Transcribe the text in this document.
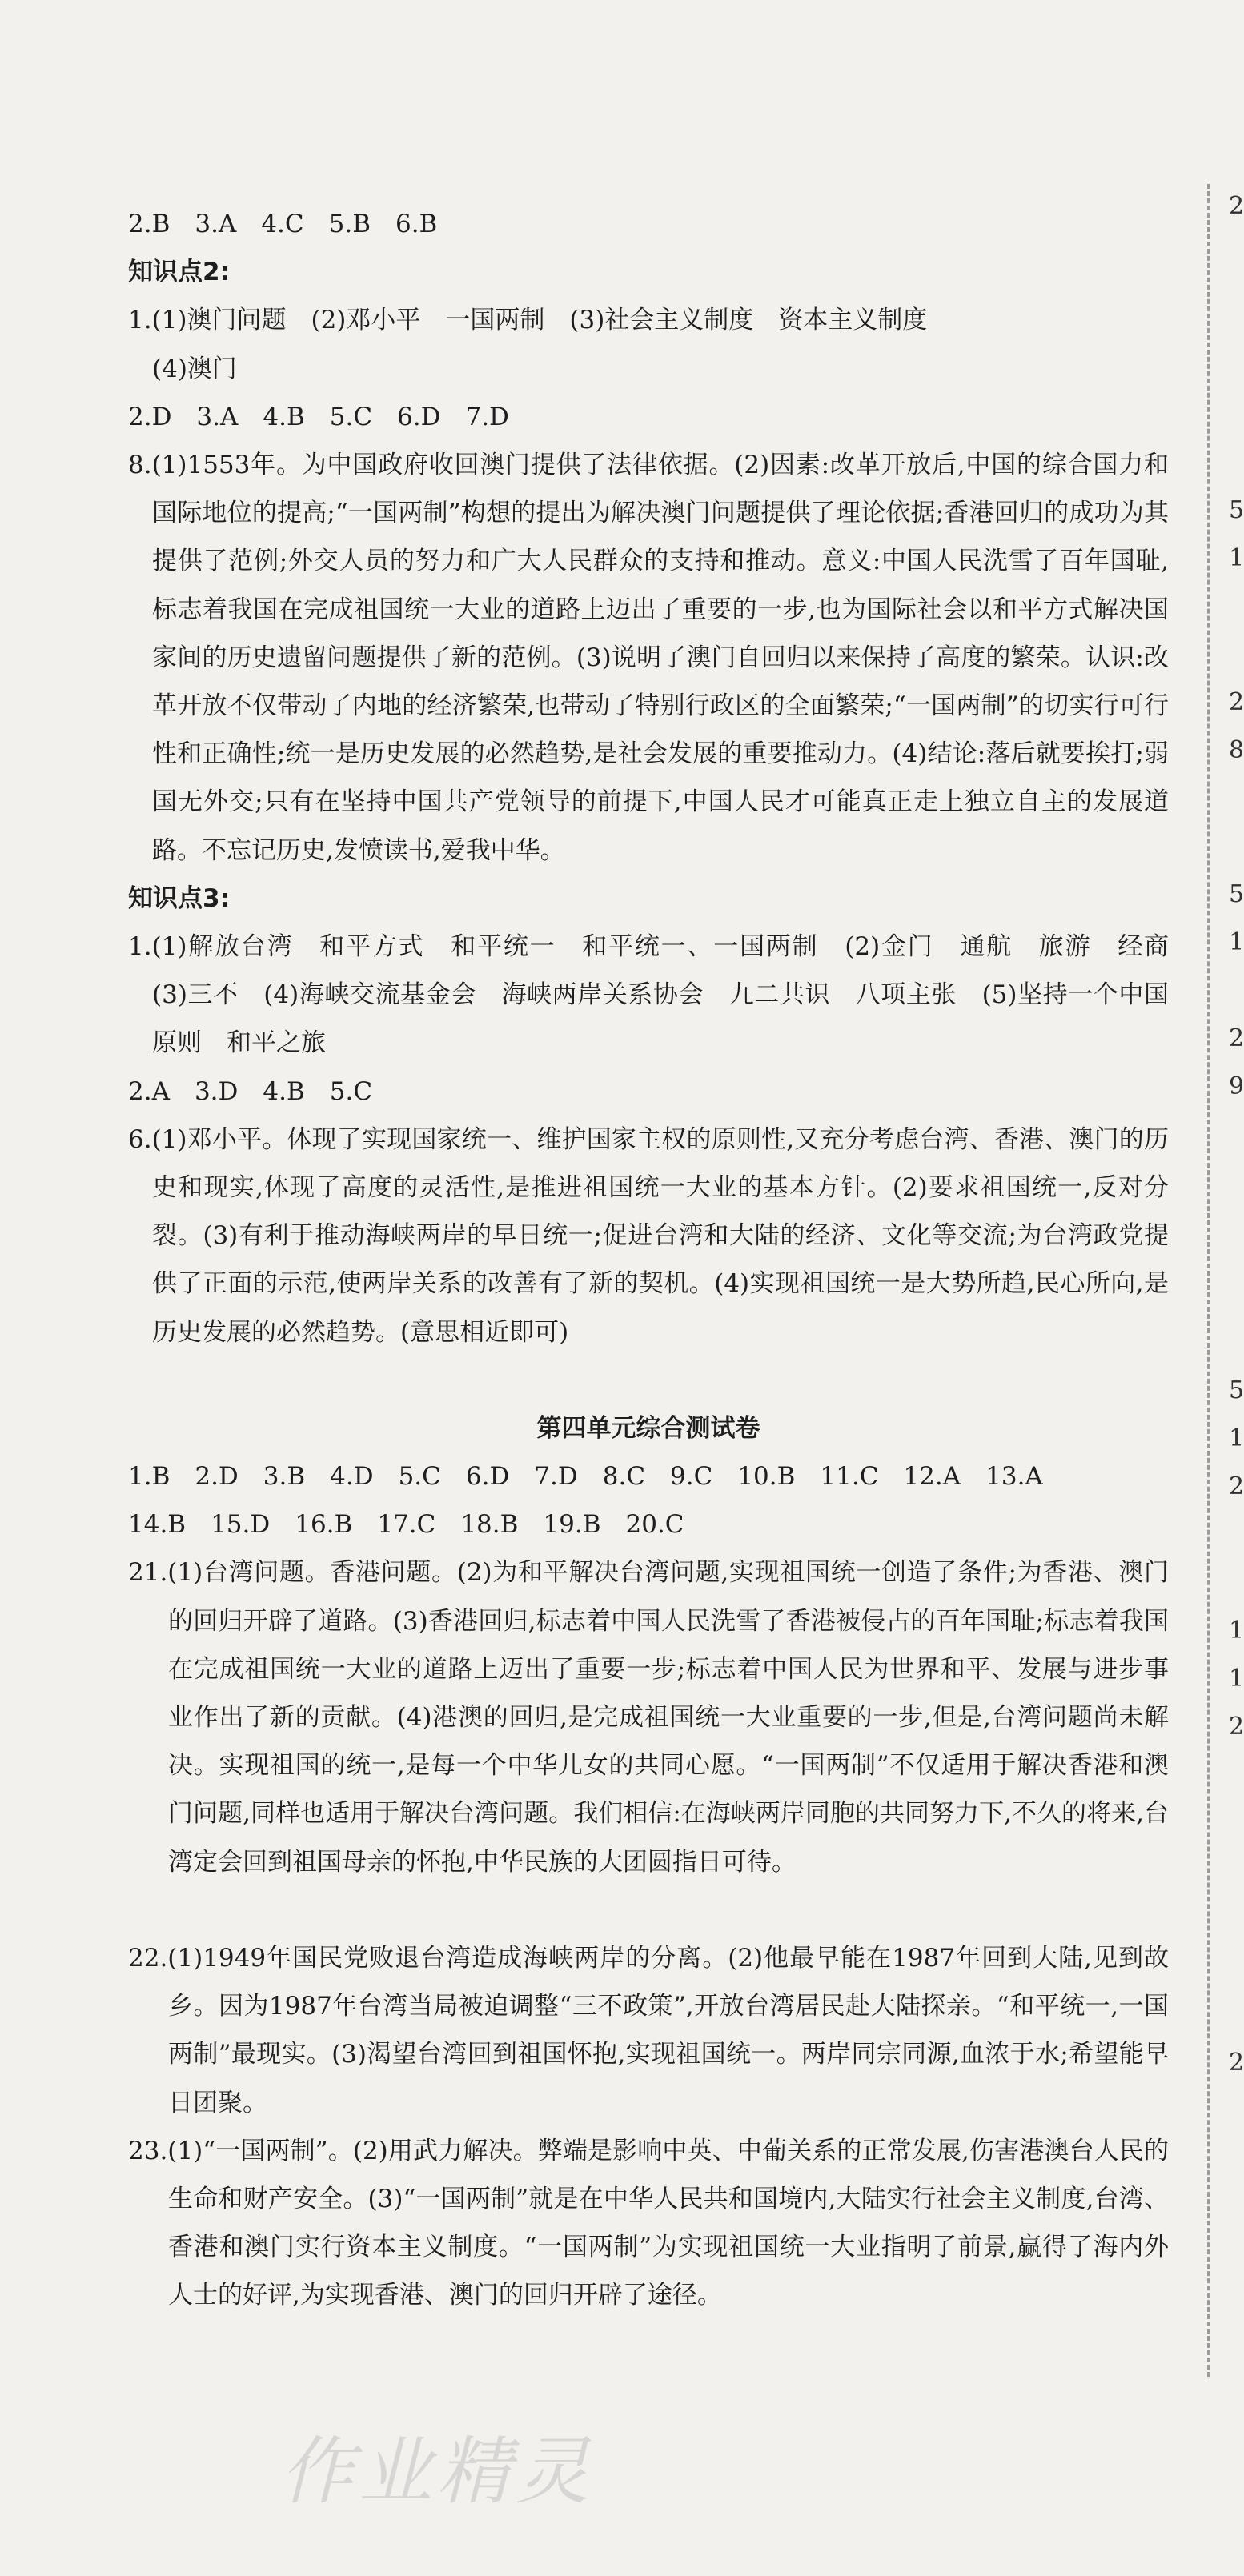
2.B　3.A　4.C　5.B　6.B
知识点2:
1.(1)澳门问题　(2)邓小平　一国两制　(3)社会主义制度　资本主义制度
(4)澳门
2.D　3.A　4.B　5.C　6.D　7.D
8.(1)1553年。为中国政府收回澳门提供了法律依据。(2)因素:改革开放后,中国的综合国力和国际地位的提高;“一国两制”构想的提出为解决澳门问题提供了理论依据;香港回归的成功为其提供了范例;外交人员的努力和广大人民群众的支持和推动。意义:中国人民洗雪了百年国耻,标志着我国在完成祖国统一大业的道路上迈出了重要的一步,也为国际社会以和平方式解决国家间的历史遗留问题提供了新的范例。(3)说明了澳门自回归以来保持了高度的繁荣。认识:改革开放不仅带动了内地的经济繁荣,也带动了特别行政区的全面繁荣;“一国两制”的切实行可行性和正确性;统一是历史发展的必然趋势,是社会发展的重要推动力。(4)结论:落后就要挨打;弱国无外交;只有在坚持中国共产党领导的前提下,中国人民才可能真正走上独立自主的发展道路。不忘记历史,发愤读书,爱我中华。
知识点3:
1.(1)解放台湾　和平方式　和平统一　和平统一、一国两制　(2)金门　通航　旅游　经商　(3)三不　(4)海峡交流基金会　海峡两岸关系协会　九二共识　八项主张　(5)坚持一个中国原则　和平之旅
2.A　3.D　4.B　5.C
6.(1)邓小平。体现了实现国家统一、维护国家主权的原则性,又充分考虑台湾、香港、澳门的历史和现实,体现了高度的灵活性,是推进祖国统一大业的基本方针。(2)要求祖国统一,反对分裂。(3)有利于推动海峡两岸的早日统一;促进台湾和大陆的经济、文化等交流;为台湾政党提供了正面的示范,使两岸关系的改善有了新的契机。(4)实现祖国统一是大势所趋,民心所向,是历史发展的必然趋势。(意思相近即可)
第四单元综合测试卷
1.B　2.D　3.B　4.D　5.C　6.D　7.D　8.C　9.C　10.B　11.C　12.A　13.A
14.B　15.D　16.B　17.C　18.B　19.B　20.C
21.(1)台湾问题。香港问题。(2)为和平解决台湾问题,实现祖国统一创造了条件;为香港、澳门的回归开辟了道路。(3)香港回归,标志着中国人民洗雪了香港被侵占的百年国耻;标志着我国在完成祖国统一大业的道路上迈出了重要一步;标志着中国人民为世界和平、发展与进步事业作出了新的贡献。(4)港澳的回归,是完成祖国统一大业重要的一步,但是,台湾问题尚未解决。实现祖国的统一,是每一个中华儿女的共同心愿。“一国两制”不仅适用于解决香港和澳门问题,同样也适用于解决台湾问题。我们相信:在海峡两岸同胞的共同努力下,不久的将来,台湾定会回到祖国母亲的怀抱,中华民族的大团圆指日可待。
22.(1)1949年国民党败退台湾造成海峡两岸的分离。(2)他最早能在1987年回到大陆,见到故乡。因为1987年台湾当局被迫调整“三不政策”,开放台湾居民赴大陆探亲。“和平统一,一国两制”最现实。(3)渴望台湾回到祖国怀抱,实现祖国统一。两岸同宗同源,血浓于水;希望能早日团聚。
23.(1)“一国两制”。(2)用武力解决。弊端是影响中英、中葡关系的正常发展,伤害港澳台人民的生命和财产安全。(3)“一国两制”就是在中华人民共和国境内,大陆实行社会主义制度,台湾、香港和澳门实行资本主义制度。“一国两制”为实现祖国统一大业指明了前景,赢得了海内外人士的好评,为实现香港、澳门的回归开辟了途径。
2
5
1
2
8
5
1
2
9
5
1
2
1
1
2
2
作业精灵
